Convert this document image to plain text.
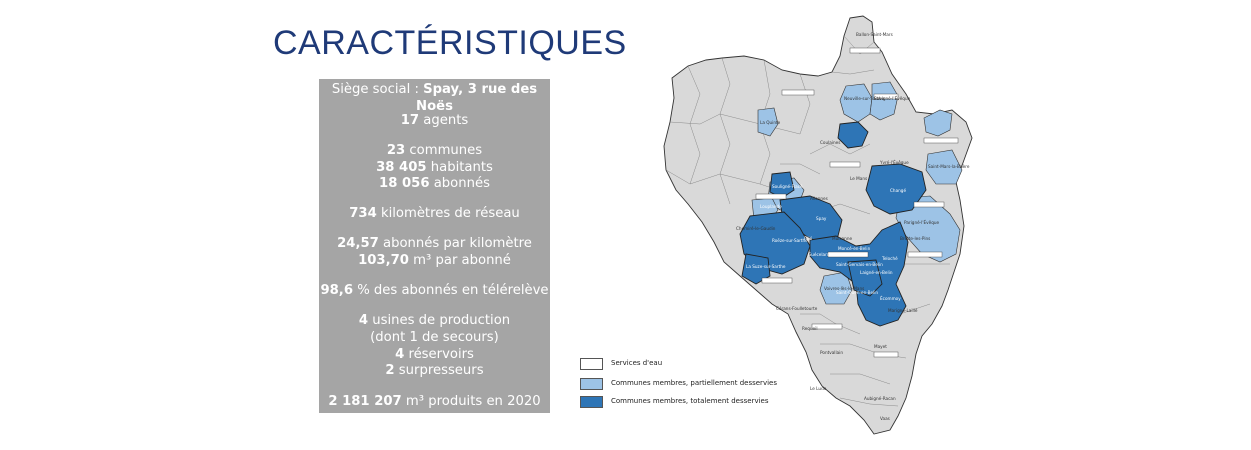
CARACTÉRISTIQUES
Siège social : Spay, 3 rue des Noës
17 agents
23 communes
38 405 habitants
18 056 abonnés
734 kilomètres de réseau
24,57 abonnés par kilomètre
103,70 m³ par abonné
98,6 % des abonnés en télérelève
4 usines de production
(dont 1 de secours)
4 réservoirs
2 surpresseurs
2 181 207 m³ produits en 2020
Ballon-Saint-Mars
Neuville-sur-Sarthe
Savigné-l'Évêque
La Quinte
Coulaines
Saint-Mars-la-Brière
Le Mans
Yvré-l'Évêque
Changé
Souligné-Flacé
Louplande
Spay
Allonnes
Parigné-l'Évêque
Brette-les-Pins
Chemiré-le-Gaudin
Roëze-sur-Sarthe
Fillé
Guécelard
Mulsanne
Moncé-en-Belin
Teloché
La Suze-sur-Sarthe	Saint-Gervais-en-Belin
Laigné-en-Belin
Voivres-lès-le-Mans
Saint-Ouen-en-Belin
Écommoy
Cérans-Foulletourte	Marigné-Laillé
Requeil
Pontvallain
Mayet
Le Lude
Aubigné-Racan
Vaas
Services d'eau
Communes membres, partiellement desservies
Communes membres, totalement desservies
